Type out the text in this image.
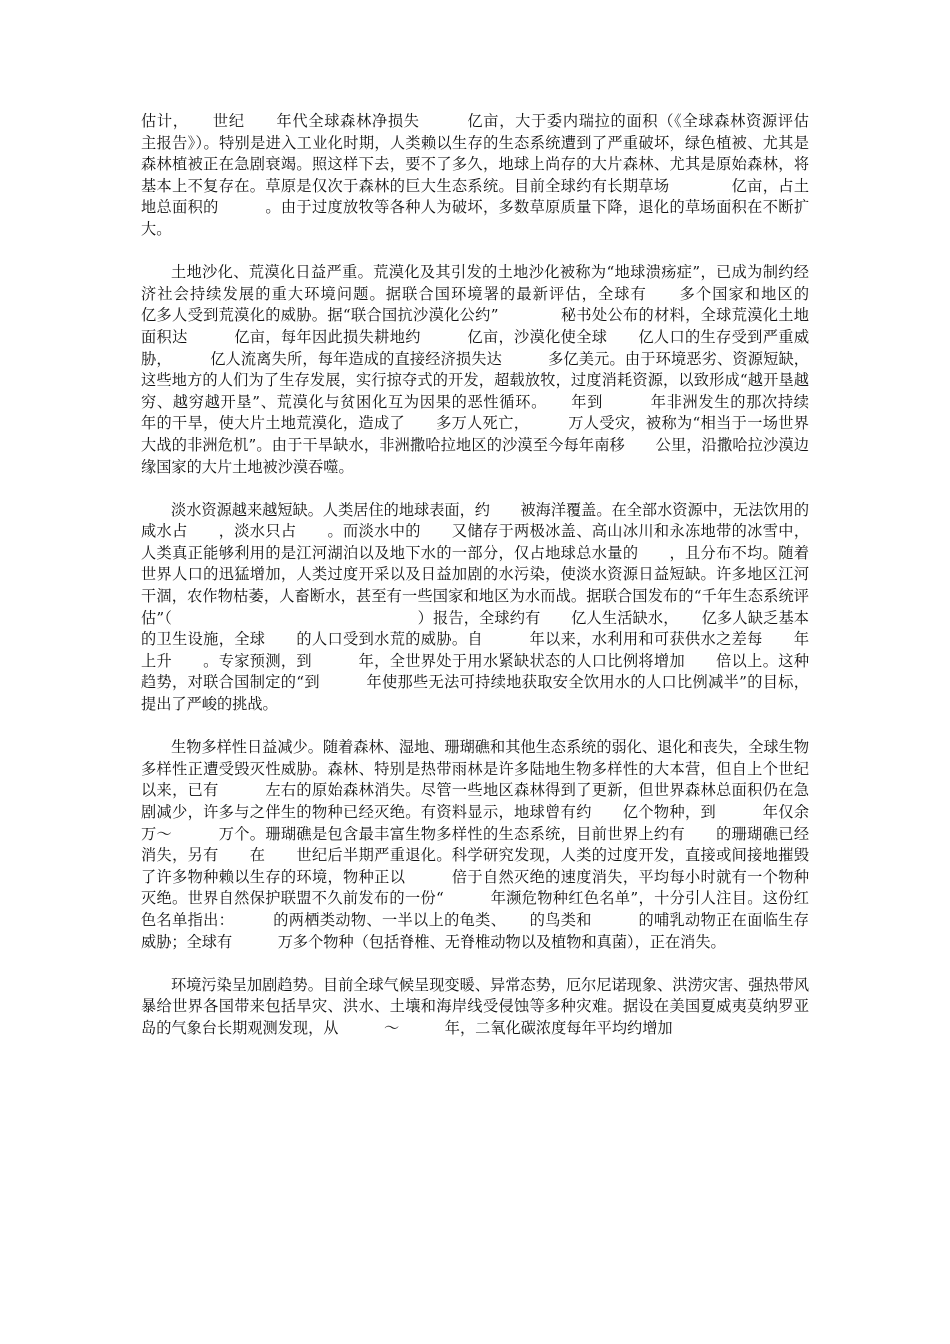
估计，　　世纪　　年代全球森林净损失　　　亿亩，大于委内瑞拉的面积（《全球森林资源评估　　　主报告》）。特别是进入工业化时期，人类赖以生存的生态系统遭到了严重破坏，绿色植被、尤其是森林植被正在急剧衰竭。照这样下去，要不了多久，地球上尚存的大片森林、尤其是原始森林，将基本上不复存在。草原是仅次于森林的巨大生态系统。目前全球约有长期草场　　　　亿亩，占土地总面积的　　　。由于过度放牧等各种人为破坏，多数草原质量下降，退化的草场面积在不断扩大。

土地沙化、荒漠化日益严重。荒漠化及其引发的土地沙化被称为“地球溃疡症”，已成为制约经济社会持续发展的重大环境问题。据联合国环境署的最新评估，全球有　　多个国家和地区的　　亿多人受到荒漠化的威胁。据“联合国抗沙漠化公约”　　　　秘书处公布的材料，全球荒漠化土地面积达　　　亿亩，每年因此损失耕地约　　　亿亩，沙漠化使全球　　亿人口的生存受到严重威胁，　　　亿人流离失所，每年造成的直接经济损失达　　　多亿美元。由于环境恶劣、资源短缺，这些地方的人们为了生存发展，实行掠夺式的开发，超载放牧，过度消耗资源，以致形成“越开垦越穷、越穷越开垦”、荒漠化与贫困化互为因果的恶性循环。　　年到　　　年非洲发生的那次持续　　年的干旱，使大片土地荒漠化，造成了　　多万人死亡，　　　万人受灾，被称为“相当于一场世界大战的非洲危机”。由于干旱缺水，非洲撒哈拉地区的沙漠至今每年南移　　公里，沿撒哈拉沙漠边缘国家的大片土地被沙漠吞噬。

淡水资源越来越短缺。人类居住的地球表面，约　　被海洋覆盖。在全部水资源中，无法饮用的咸水占　　，淡水只占　　。而淡水中的　　又储存于两极冰盖、高山冰川和永冻地带的冰雪中，人类真正能够利用的是江河湖泊以及地下水的一部分，仅占地球总水量的　　，且分布不均。随着世界人口的迅猛增加，人类过度开采以及日益加剧的水污染，使淡水资源日益短缺。许多地区江河干涸，农作物枯萎，人畜断水，甚至有一些国家和地区为水而战。据联合国发布的“千年生态系统评估”（　　　　　　　　　　　　　　　　）报告，全球约有　　亿人生活缺水，　　亿多人缺乏基本的卫生设施，全球　　的人口受到水荒的威胁。自　　　年以来，水利用和可获供水之差每　　年上升　　。专家预测，到　　　年，全世界处于用水紧缺状态的人口比例将增加　　倍以上。这种趋势，对联合国制定的“到　　　年使那些无法可持续地获取安全饮用水的人口比例减半”的目标，提出了严峻的挑战。

生物多样性日益减少。随着森林、湿地、珊瑚礁和其他生态系统的弱化、退化和丧失，全球生物多样性正遭受毁灭性威胁。森林、特别是热带雨林是许多陆地生物多样性的大本营，但自上个世纪以来，已有　　　左右的原始森林消失。尽管一些地区森林得到了更新，但世界森林总面积仍在急剧减少，许多与之伴生的物种已经灭绝。有资料显示，地球曾有约　　亿个物种，到　　　年仅余　　　万～　　　万个。珊瑚礁是包含最丰富生物多样性的生态系统，目前世界上约有　　的珊瑚礁已经消失，另有　　在　　世纪后半期严重退化。科学研究发现，人类的过度开发，直接或间接地摧毁了许多物种赖以生存的环境，物种正以　　　倍于自然灭绝的速度消失，平均每小时就有一个物种灭绝。世界自然保护联盟不久前发布的一份“　　　年濒危物种红色名单”，十分引人注目。这份红色名单指出：　　　的两栖类动物、一半以上的龟类、　　的鸟类和　　　的哺乳动物正在面临生存威胁；全球有　　　万多个物种（包括脊椎、无脊椎动物以及植物和真菌），正在消失。

环境污染呈加剧趋势。目前全球气候呈现变暖、异常态势，厄尔尼诺现象、洪涝灾害、强热带风暴给世界各国带来包括旱灾、洪水、土壤和海岸线受侵蚀等多种灾难。据设在美国夏威夷莫纳罗亚岛的气象台长期观测发现，从　　　～　　　年，二氧化碳浓度每年平均约增加
